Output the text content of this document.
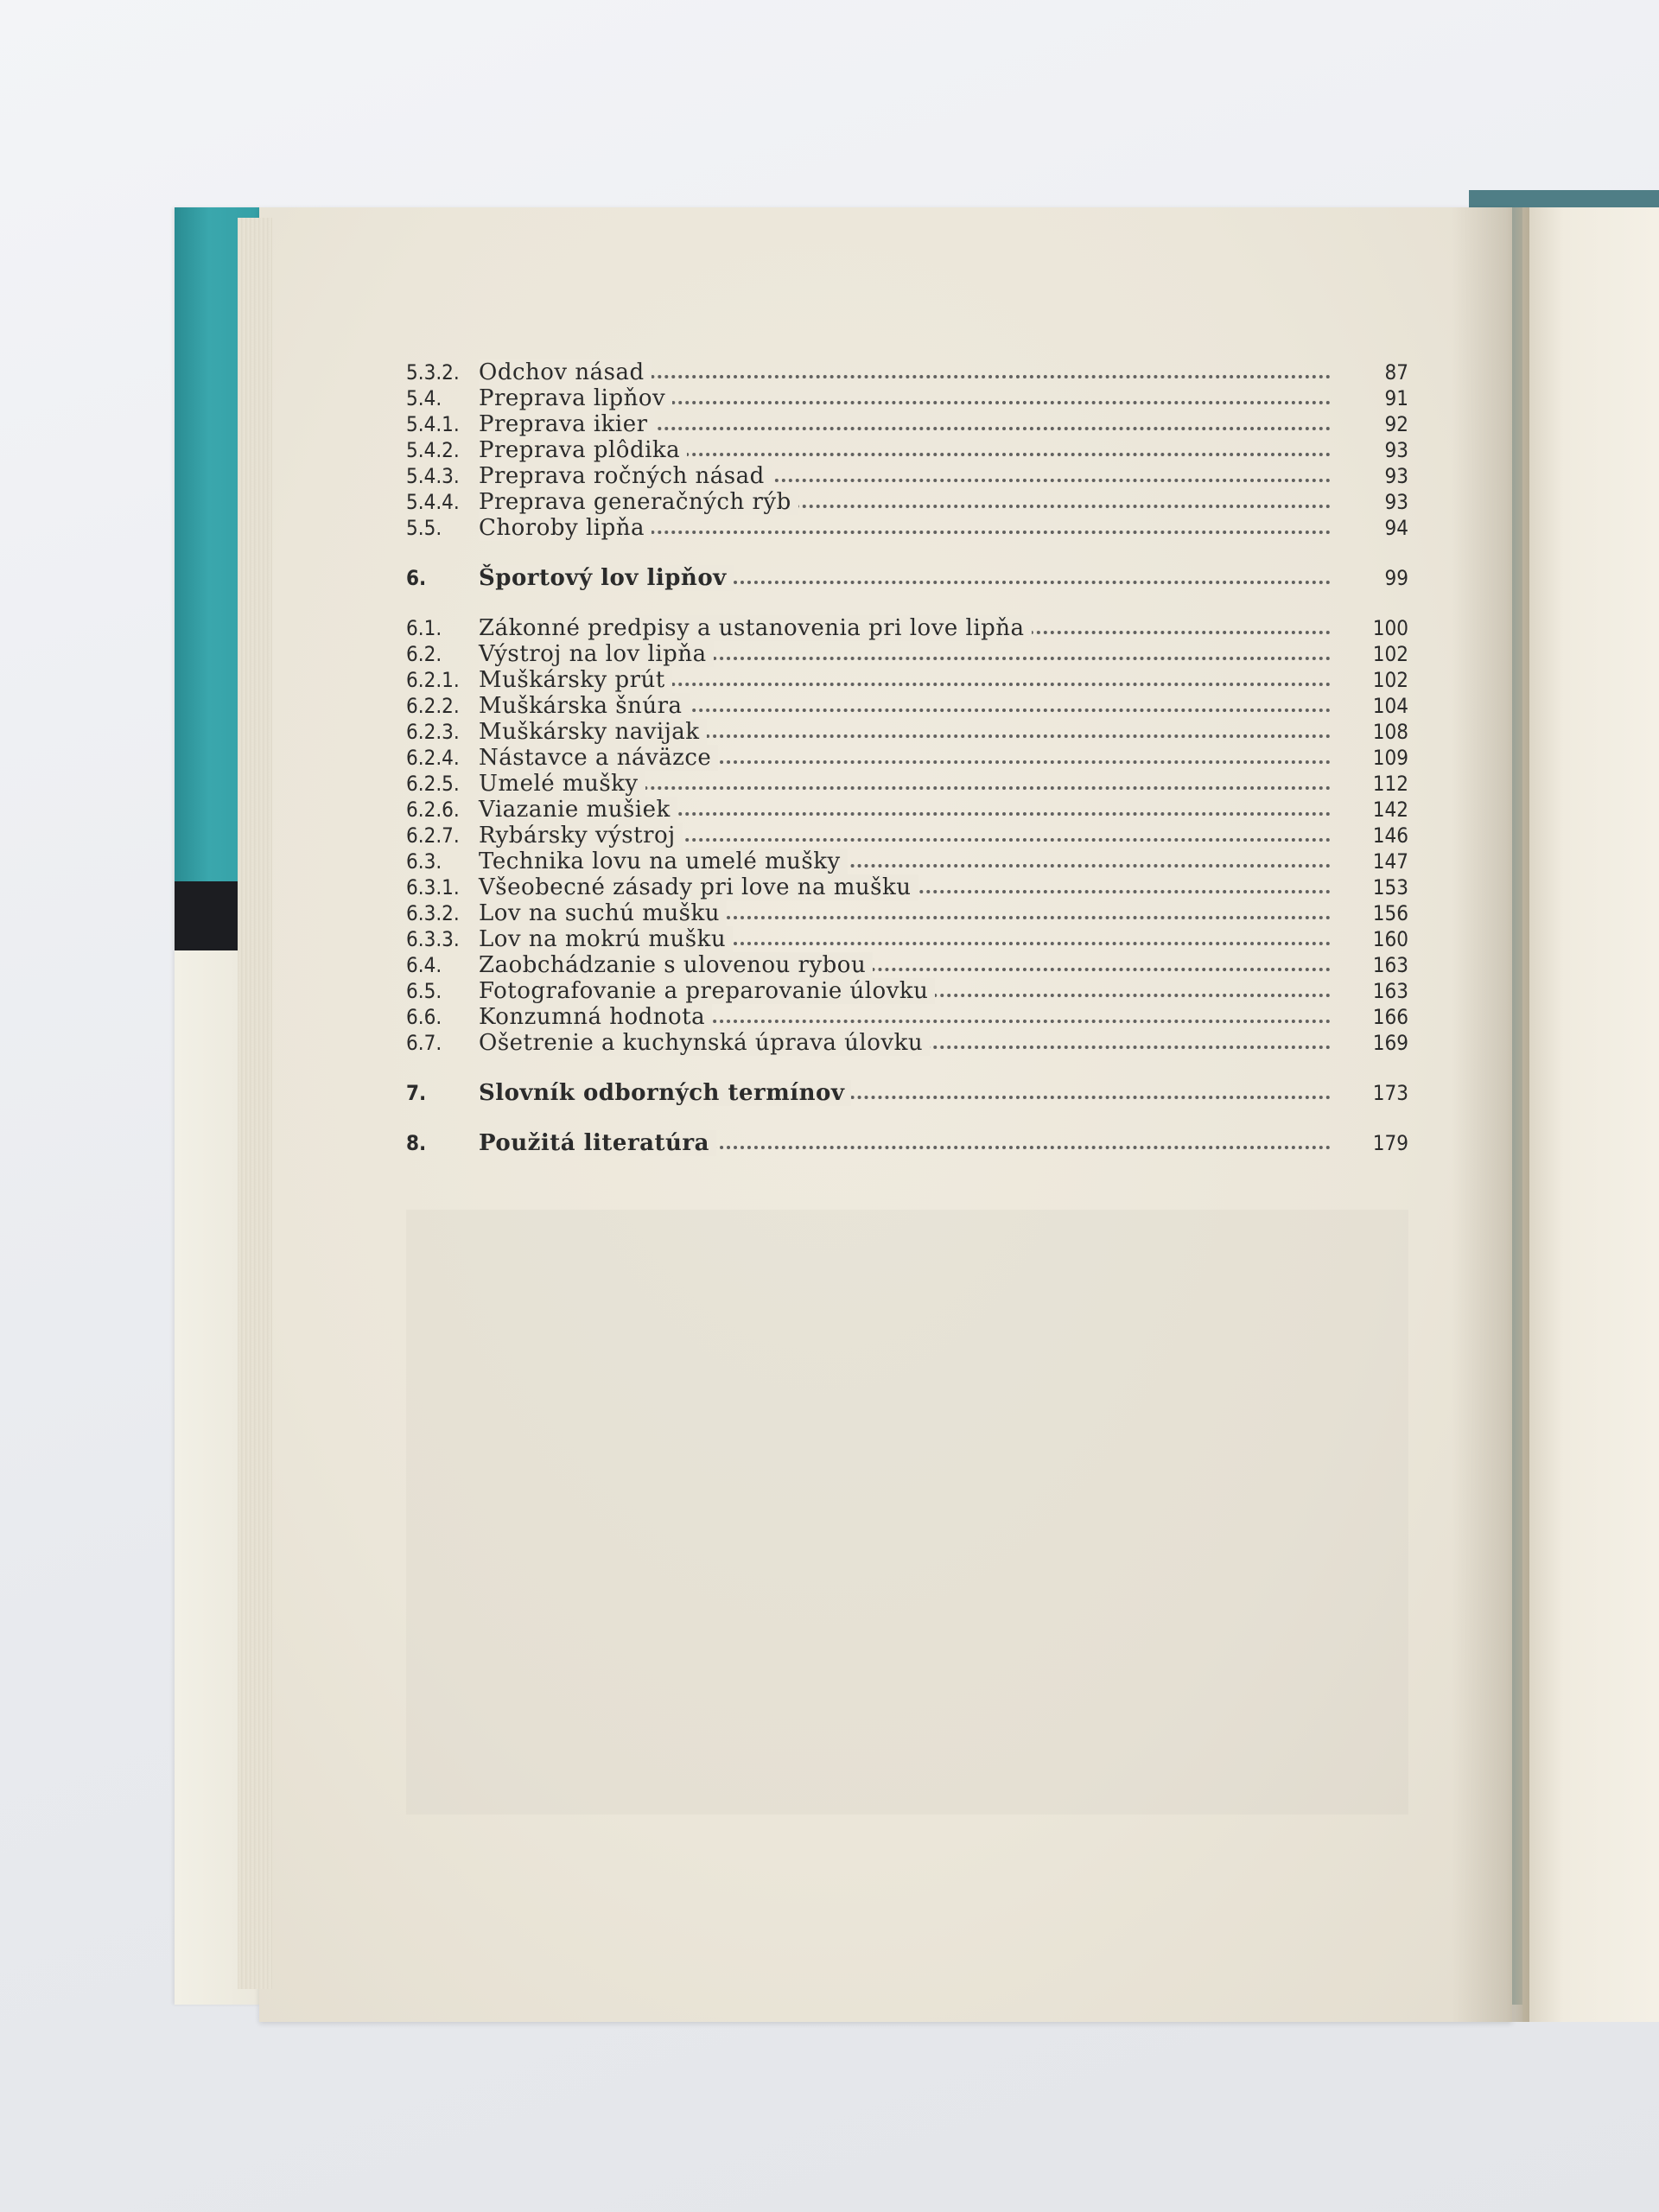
5.3.2. Odchov násad	87
5.4.	Preprava lipňov	91
5.4.1. Preprava ikier	92
5.4.2. Preprava plôdika	93
5.4.3. Preprava ročných násad	93
5.4.4. Preprava generačných rýb	93
5.5.	Choroby lipňa	94
6.	Športový lov lipňov	99
6.1.	Zákonné predpisy a ustanovenia pri love lipňa	100
6.2.	Výstroj na lov lipňa	102
6.2.1. Muškársky prút	102
6.2.2. Muškárska šnúra	104
6.2.3. Muškársky navijak	108
6.2.4. Nástavce a náväzce	109
6.2.5. Umelé mušky	112
6.2.6. Viazanie mušiek	142
6.2.7. Rybársky výstroj	146
6.3.	Technika lovu na umelé mušky	147
6.3.1. Všeobecné zásady pri love na mušku	153
6.3.2. Lov na suchú mušku	156
6.3.3. Lov na mokrú mušku	160
6.4.	Zaobchádzanie s ulovenou rybou	163
6.5.	Fotografovanie a preparovanie úlovku	163
6.6.	Konzumná hodnota	166
6.7.	Ošetrenie a kuchynská úprava úlovku	169
7.	Slovník odborných termínov	173
8.	Použitá literatúra	179
